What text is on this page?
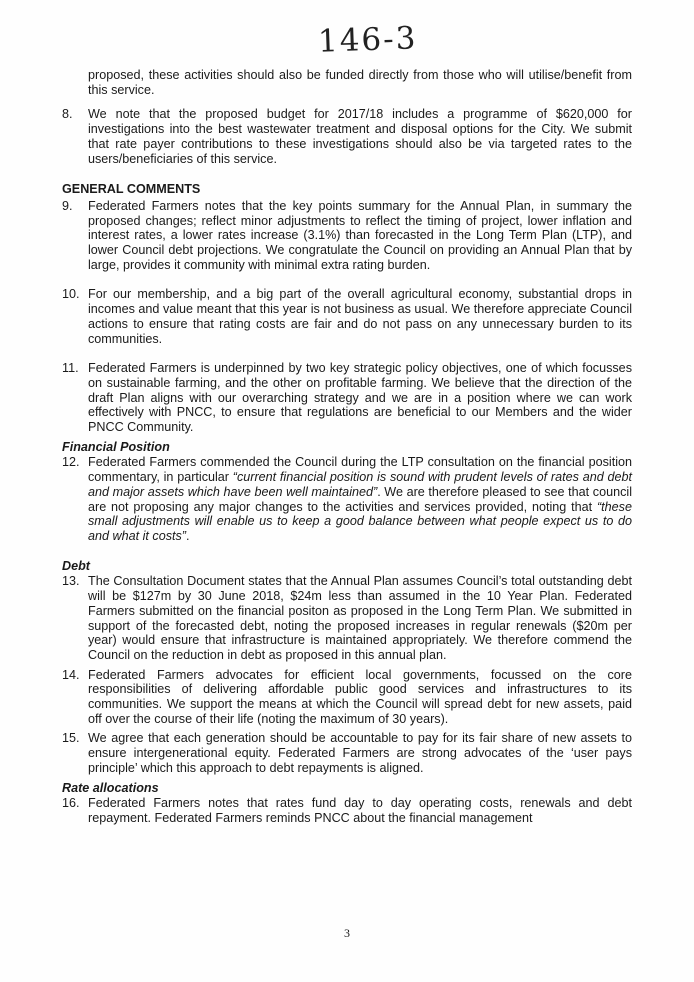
146-3
proposed, these activities should also be funded directly from those who will utilise/benefit from this service.
8.	We note that the proposed budget for 2017/18 includes a programme of $620,000 for investigations into the best wastewater treatment and disposal options for the City. We submit that rate payer contributions to these investigations should also be via targeted rates to the users/beneficiaries of this service.
GENERAL COMMENTS
9.	Federated Farmers notes that the key points summary for the Annual Plan, in summary the proposed changes; reflect minor adjustments to reflect the timing of project, lower inflation and interest rates, a lower rates increase (3.1%) than forecasted in the Long Term Plan (LTP), and lower Council debt projections. We congratulate the Council on providing an Annual Plan that by large, provides it community with minimal extra rating burden.
10. For our membership, and a big part of the overall agricultural economy, substantial drops in incomes and value meant that this year is not business as usual. We therefore appreciate Council actions to ensure that rating costs are fair and do not pass on any unnecessary burden to its communities.
11. Federated Farmers is underpinned by two key strategic policy objectives, one of which focusses on sustainable farming, and the other on profitable farming. We believe that the direction of the draft Plan aligns with our overarching strategy and we are in a position where we can work effectively with PNCC, to ensure that regulations are beneficial to our Members and the wider PNCC Community.
Financial Position
12. Federated Farmers commended the Council during the LTP consultation on the financial position commentary, in particular “current financial position is sound with prudent levels of rates and debt and major assets which have been well maintained”. We are therefore pleased to see that council are not proposing any major changes to the activities and services provided, noting that “these small adjustments will enable us to keep a good balance between what people expect us to do and what it costs”.
Debt
13. The Consultation Document states that the Annual Plan assumes Council’s total outstanding debt will be $127m by 30 June 2018, $24m less than assumed in the 10 Year Plan. Federated Farmers submitted on the financial positon as proposed in the Long Term Plan. We submitted in support of the forecasted debt, noting the proposed increases in regular renewals ($20m per year) would ensure that infrastructure is maintained appropriately. We therefore commend the Council on the reduction in debt as proposed in this annual plan.
14. Federated Farmers advocates for efficient local governments, focussed on the core responsibilities of delivering affordable public good services and infrastructures to its communities. We support the means at which the Council will spread debt for new assets, paid off over the course of their life (noting the maximum of 30 years).
15. We agree that each generation should be accountable to pay for its fair share of new assets to ensure intergenerational equity. Federated Farmers are strong advocates of the ‘user pays principle’ which this approach to debt repayments is aligned.
Rate allocations
16. Federated Farmers notes that rates fund day to day operating costs, renewals and debt repayment. Federated Farmers reminds PNCC about the financial management
3
